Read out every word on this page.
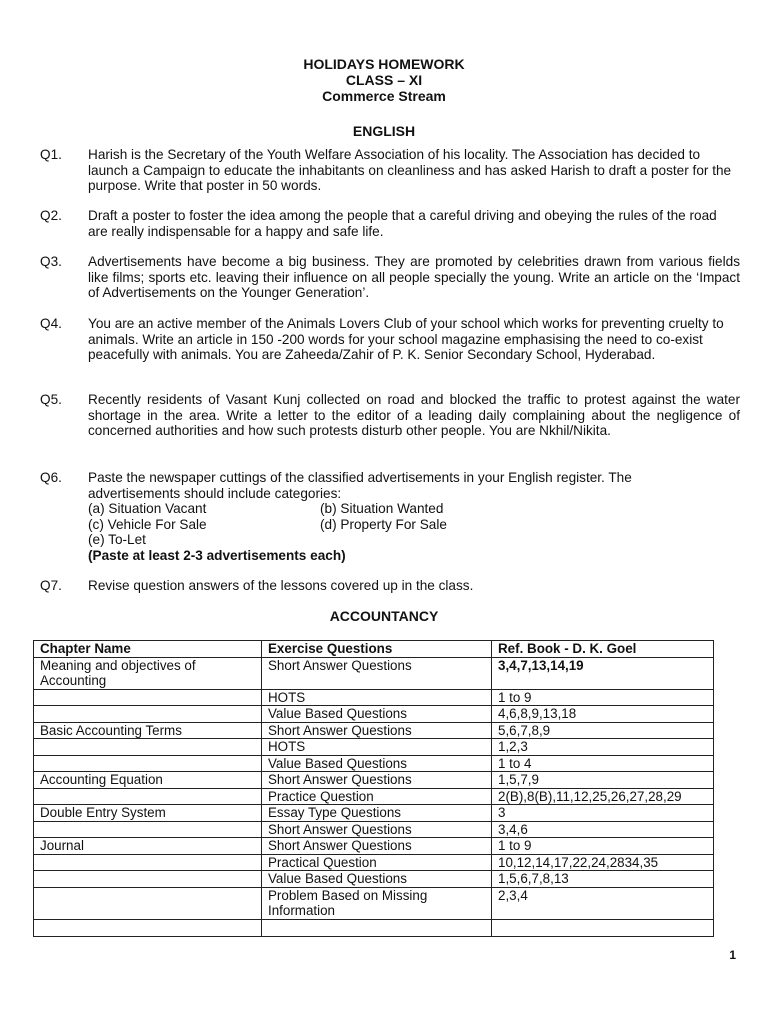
HOLIDAYS HOMEWORK
CLASS – XI
Commerce Stream
ENGLISH
Q1. Harish is the Secretary of the Youth Welfare Association of his locality. The Association has decided to launch a Campaign to educate the inhabitants on cleanliness and has asked Harish to draft a poster for the purpose. Write that poster in 50 words.
Q2. Draft a poster to foster the idea among the people that a careful driving and obeying the rules of the road are really indispensable for a happy and safe life.
Q3. Advertisements have become a big business. They are promoted by celebrities drawn from various fields like films; sports etc. leaving their influence on all people specially the young. Write an article on the ‘Impact of Advertisements on the Younger Generation’.
Q4. You are an active member of the Animals Lovers Club of your school which works for preventing cruelty to animals. Write an article in 150 -200 words for your school magazine emphasising the need to co-exist peacefully with animals. You are Zaheeda/Zahir of P. K. Senior Secondary School, Hyderabad.
Q5. Recently residents of Vasant Kunj collected on road and blocked the traffic to protest against the water shortage in the area. Write a letter to the editor of a leading daily complaining about the negligence of concerned authorities and how such protests disturb other people. You are Nkhil/Nikita.
Q6. Paste the newspaper cuttings of the classified advertisements in your English register. The advertisements should include categories:
(a) Situation Vacant	(b) Situation Wanted
(c) Vehicle For Sale	(d) Property For Sale
(e) To-Let
(Paste at least 2-3 advertisements each)
Q7. Revise question answers of the lessons covered up in the class.
ACCOUNTANCY
Chapter Name	Exercise Questions	Ref. Book - D. K. Goel
Meaning and objectives of Accounting	Short Answer Questions	3,4,7,13,14,19
	HOTS	1 to 9
	Value Based Questions	4,6,8,9,13,18
Basic Accounting Terms	Short Answer Questions	5,6,7,8,9
	HOTS	1,2,3
	Value Based Questions	1 to 4
Accounting Equation	Short Answer Questions	1,5,7,9
	Practice Question	2(B),8(B),11,12,25,26,27,28,29
Double Entry System	Essay Type Questions	3
	Short Answer Questions	3,4,6
Journal	Short Answer Questions	1 to 9
	Practical Question	10,12,14,17,22,24,2834,35
	Value Based Questions	1,5,6,7,8,13
	Problem Based on Missing Information	2,3,4

1
